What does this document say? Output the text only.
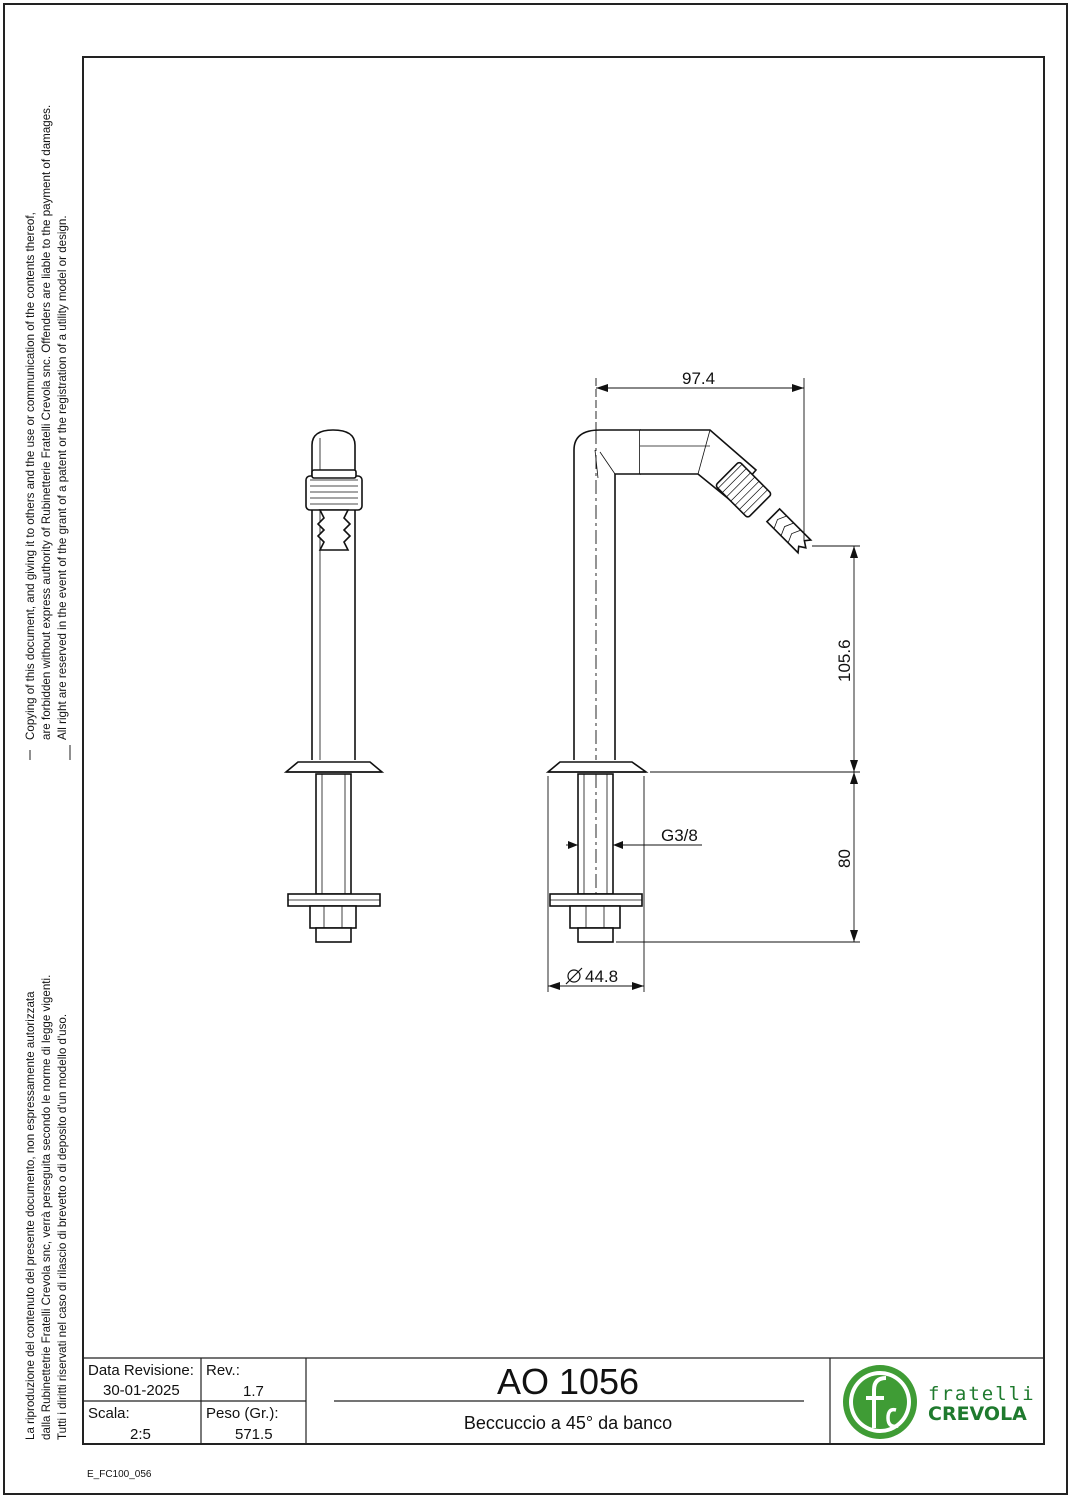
Copying of this document, and giving it to others and the use or communication of the contents thereof, are forbidden without express authority of Rubinetterie Fratelli Crevola snc. Offenders are liable to the payment of damages. All right are reserved in the event of the grant of a patent or the registration of a utility model or design.
La riproduzione del contenuto del presente documento, non espressamente autorizzata dalla Rubinettetrie Fratelli Crevola snc, verrà perseguita secondo le norme di legge vigenti. Tutti i diritti riservati nel caso di rilascio di brevetto o di deposito d'un modello d'uso.
97.4
105.6
80
G3/8
44.8
Data Revisione:
30-01-2025
Rev.:
1.7
Scala:
2:5
Peso (Gr.):
571.5
AO 1056
Beccuccio a 45° da banco
fratelli
CREVOLA
E_FC100_056
